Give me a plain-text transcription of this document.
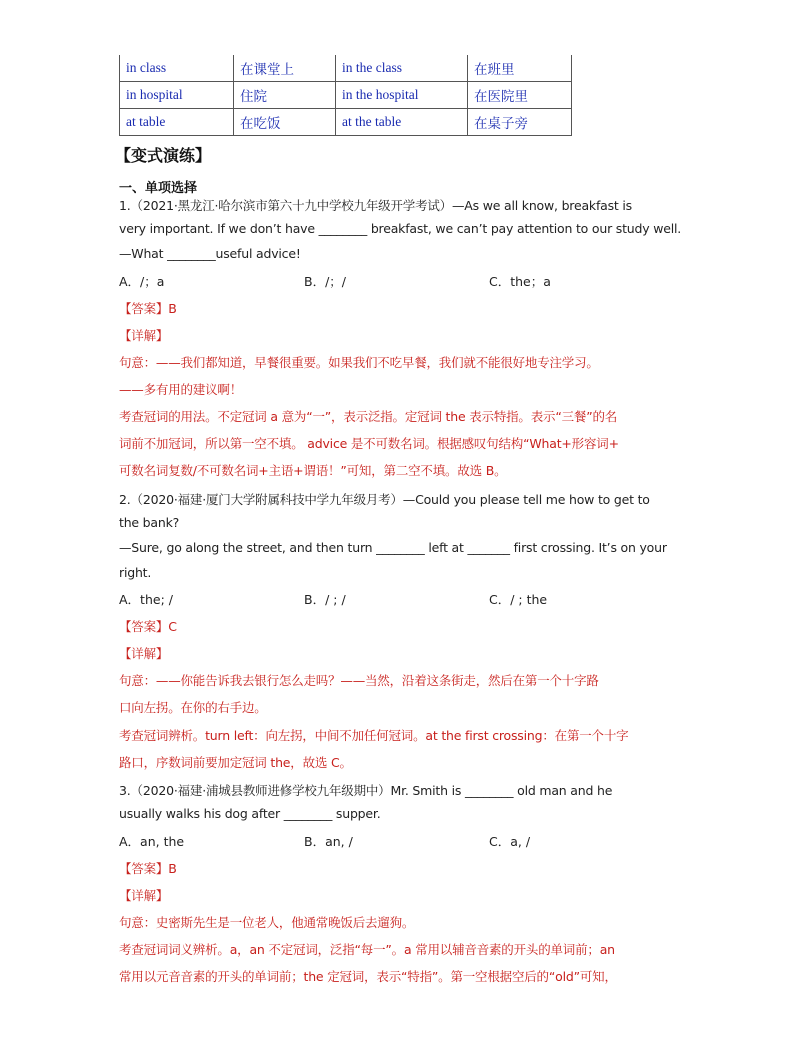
in class	在课堂上	in the class	在班里
in hospital	住院	in the hospital	在医院里
at table	在吃饭	at the table	在桌子旁
【变式演练】
一、单项选择
1.（2021·黑龙江·哈尔滨市第六十九中学校九年级开学考试）—As we all know, breakfast is
very important. If we don’t have ________ breakfast, we can’t pay attention to our study well.
—What ________useful advice!
A．/；a	B．/；/	C．the；a
【答案】B
【详解】
句意：——我们都知道，早餐很重要。如果我们不吃早餐，我们就不能很好地专注学习。
——多有用的建议啊！
考查冠词的用法。不定冠词 a 意为“一”，表示泛指。定冠词 the 表示特指。表示“三餐”的名
词前不加冠词，所以第一空不填。 advice 是不可数名词。根据感叹句结构“What+形容词+
可数名词复数/不可数名词+主语+谓语！”可知，第二空不填。故选 B。
2.（2020·福建·厦门大学附属科技中学九年级月考）—Could you please tell me how to get to
the bank?
—Sure, go along the street, and then turn ________ left at _______ first crossing. It’s on your
right.
A．the; /	B．/ ; /	C．/ ; the
【答案】C
【详解】
句意：——你能告诉我去银行怎么走吗？——当然，沿着这条街走，然后在第一个十字路
口向左拐。在你的右手边。
考查冠词辨析。turn left：向左拐，中间不加任何冠词。at the first crossing：在第一个十字
路口，序数词前要加定冠词 the，故选 C。
3.（2020·福建·浦城县教师进修学校九年级期中）Mr. Smith is ________ old man and he
usually walks his dog after ________ supper.
A．an, the	B．an, /	C．a, /
【答案】B
【详解】
句意：史密斯先生是一位老人，他通常晚饭后去遛狗。
考查冠词词义辨析。a，an 不定冠词，泛指“每一”。a 常用以辅音音素的开头的单词前；an
常用以元音音素的开头的单词前；the 定冠词，表示“特指”。第一空根据空后的“old”可知，
